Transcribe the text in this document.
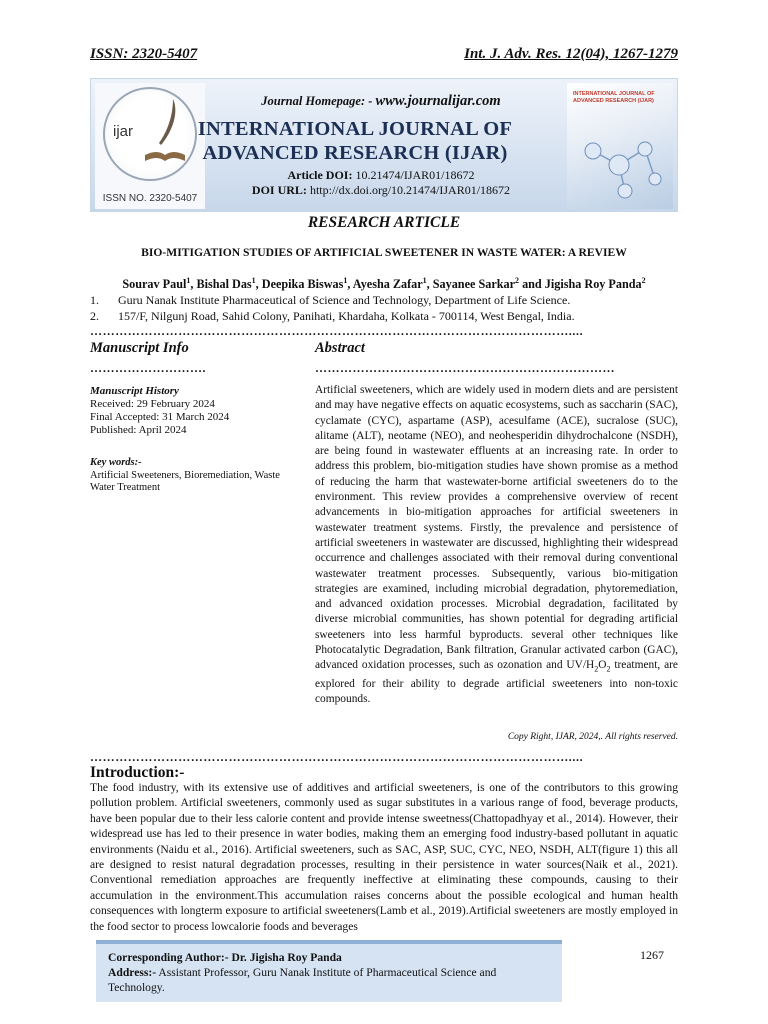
ISSN: 2320-5407	Int. J. Adv. Res. 12(04), 1267-1279
ijar
ISSN NO. 2320-5407
INTERNATIONAL JOURNAL OF ADVANCED RESEARCH (IJAR)
Journal Homepage: - www.journalijar.com
INTERNATIONAL JOURNAL OF
ADVANCED RESEARCH (IJAR)
Article DOI: 10.21474/IJAR01/18672
DOI URL: http://dx.doi.org/10.21474/IJAR01/18672
RESEARCH ARTICLE
BIO-MITIGATION STUDIES OF ARTIFICIAL SWEETENER IN WASTE WATER: A REVIEW
Sourav Paul$^1$, Bishal Das$^1$, Deepika Biswas$^1$, Ayesha Zafar$^1$, Sayanee Sarkar$^2$ and Jigisha Roy Panda$^2$
1.	Guru Nanak Institute Pharmaceutical of Science and Technology, Department of Life Science.
2.	157/F, Nilgunj Road, Sahid Colony, Panihati, Khardaha, Kolkata - 700114, West Bengal, India.
……………………………………………………………………………………………………....
Manuscript Info
……………………….
Manuscript History
Received: 29 February 2024
Final Accepted: 31 March 2024
Published: April 2024
Key words:-
Artificial Sweeteners, Bioremediation, Waste Water Treatment
Abstract
………………………………………………………………
Artificial sweeteners, which are widely used in modern diets and are persistent and may have negative effects on aquatic ecosystems, such as saccharin (SAC), cyclamate (CYC), aspartame (ASP), acesulfame (ACE), sucralose (SUC), alitame (ALT), neotame (NEO), and neohesperidin dihydrochalcone (NSDH), are being found in wastewater effluents at an increasing rate. In order to address this problem, bio-mitigation studies have shown promise as a method of reducing the harm that wastewater-borne artificial sweeteners do to the environment. This review provides a comprehensive overview of recent advancements in bio-mitigation approaches for artificial sweeteners in wastewater treatment systems. Firstly, the prevalence and persistence of artificial sweeteners in wastewater are discussed, highlighting their widespread occurrence and challenges associated with their removal during conventional wastewater treatment processes. Subsequently, various bio-mitigation strategies are examined, including microbial degradation, phytoremediation, and advanced oxidation processes. Microbial degradation, facilitated by diverse microbial communities, has shown potential for degrading artificial sweeteners into less harmful byproducts. several other techniques like Photocatalytic Degradation, Bank filtration, Granular activated carbon (GAC), advanced oxidation processes, such as ozonation and $UV/H_2O_2$ treatment, are explored for their ability to degrade artificial sweeteners into non-toxic compounds.
Copy Right, IJAR, 2024,. All rights reserved.
……………………………………………………………………………………………………....
Introduction:-
The food industry, with its extensive use of additives and artificial sweeteners, is one of the contributors to this growing pollution problem. Artificial sweeteners, commonly used as sugar substitutes in a various range of food, beverage products, have been popular due to their less calorie content and provide intense sweetness(Chattopadhyay et al., 2014). However, their widespread use has led to their presence in water bodies, making them an emerging food industry-based pollutant in aquatic environments (Naidu et al., 2016). Artificial sweeteners, such as SAC, ASP, SUC, CYC, NEO, NSDH, ALT(figure 1) this all are designed to resist natural degradation processes, resulting in their persistence in water sources(Naik et al., 2021). Conventional remediation approaches are frequently ineffective at eliminating these compounds, causing to their accumulation in the environment.This accumulation raises concerns about the possible ecological and human health consequences with longterm exposure to artificial sweeteners(Lamb et al., 2019).Artificial sweeteners are mostly employed in the food sector to process lowcalorie foods and beverages
Corresponding Author:- Dr. Jigisha Roy Panda
Address:- Assistant Professor, Guru Nanak Institute of Pharmaceutical Science and Technology.
1267
